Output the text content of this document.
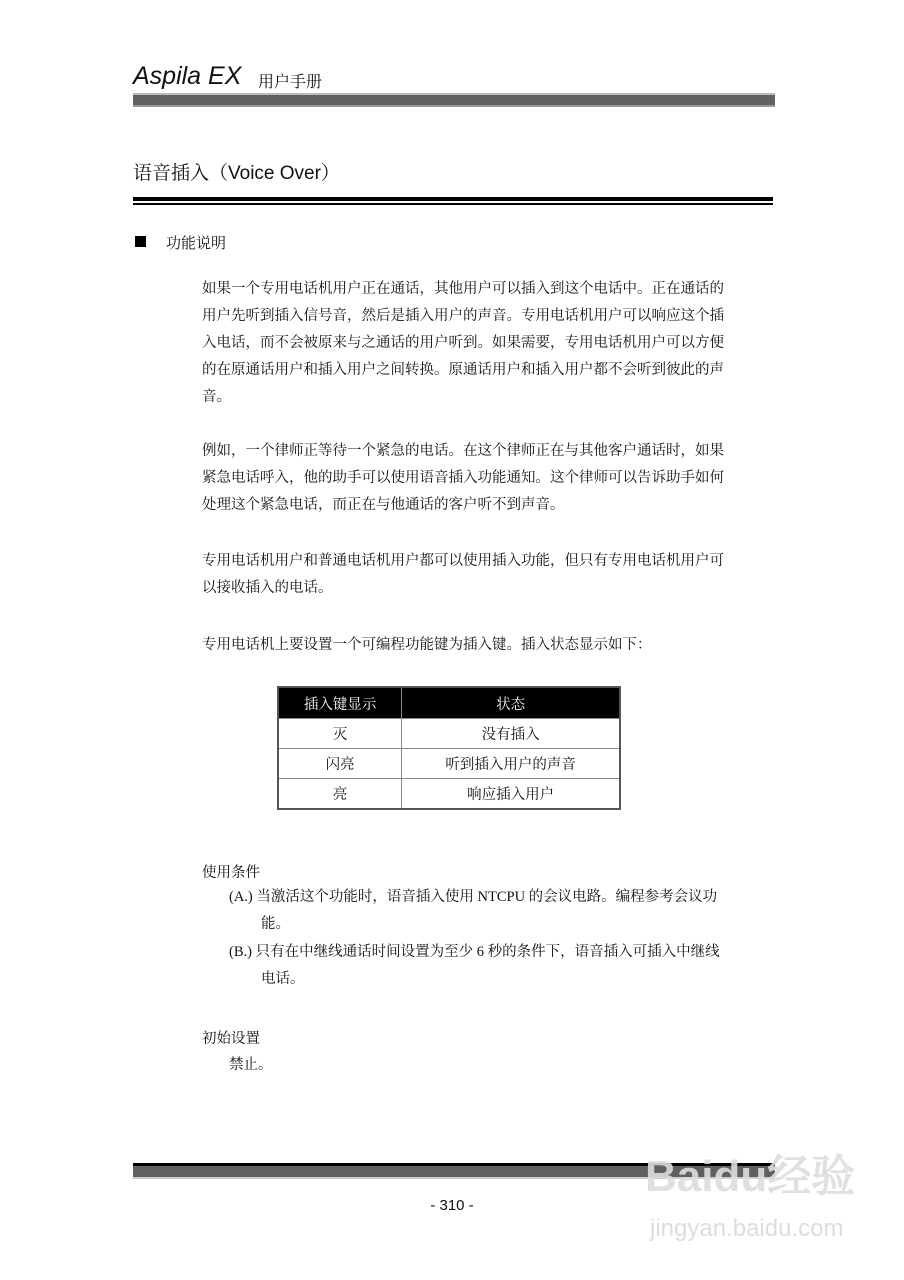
Aspila EX 用户手册
语音插入（Voice Over）
功能说明
如果一个专用电话机用户正在通话，其他用户可以插入到这个电话中。正在通话的
用户先听到插入信号音，然后是插入用户的声音。专用电话机用户可以响应这个插
入电话，而不会被原来与之通话的用户听到。如果需要，专用电话机用户可以方便
的在原通话用户和插入用户之间转换。原通话用户和插入用户都不会听到彼此的声
音。
例如，一个律师正等待一个紧急的电话。在这个律师正在与其他客户通话时，如果
紧急电话呼入，他的助手可以使用语音插入功能通知。这个律师可以告诉助手如何
处理这个紧急电话，而正在与他通话的客户听不到声音。
专用电话机用户和普通电话机用户都可以使用插入功能，但只有专用电话机用户可
以接收插入的电话。
专用电话机上要设置一个可编程功能键为插入键。插入状态显示如下：
插入键显示	状态
灭	没有插入
闪亮	听到插入用户的声音
亮	响应插入用户
使用条件
(A.) 当激活这个功能时，语音插入使用 NTCPU 的会议电路。编程参考会议功
能。
(B.) 只有在中继线通话时间设置为至少 6 秒的条件下，语音插入可插入中继线
电话。
初始设置
禁止。
- 310 -
Baidu经验
jingyan.baidu.com
